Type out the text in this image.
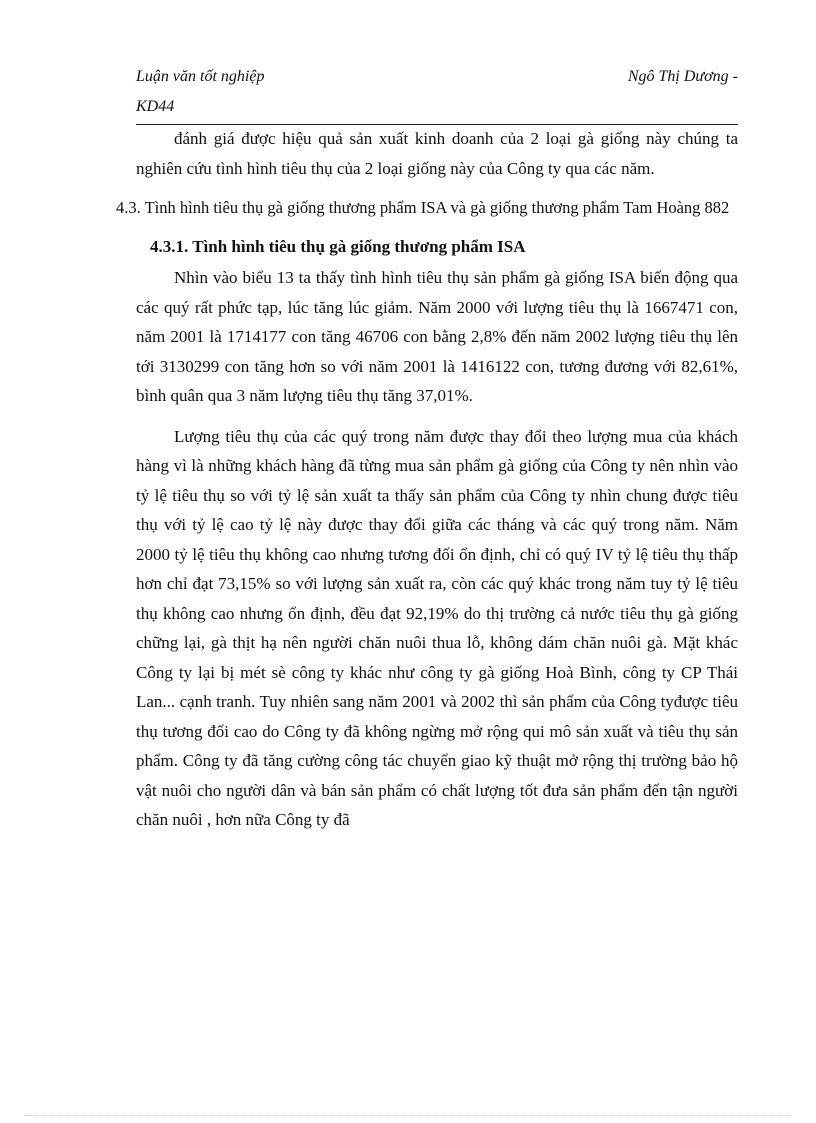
Luận văn tốt nghiệp	Ngô Thị Dương -
KD44

đánh giá được hiệu quả sản xuất kinh doanh của 2 loại gà giống này chúng ta nghiên cứu tình hình tiêu thụ của 2 loại giống này của Công ty qua các năm.

4.3. Tình hình tiêu thụ gà giống thương phẩm ISA và gà giống thương phẩm Tam Hoàng 882

4.3.1. Tình hình tiêu thụ gà giống thương phẩm ISA

Nhìn vào biểu 13 ta thấy tình hình tiêu thụ sản phẩm gà giống ISA biến động qua các quý rất phức tạp, lúc tăng lúc giảm. Năm 2000 với lượng tiêu thụ là 1667471 con, năm 2001 là 1714177 con tăng 46706 con bằng 2,8% đến năm 2002 lượng tiêu thụ lên tới 3130299 con tăng hơn so với năm 2001 là 1416122 con, tương đương với 82,61%, bình quân qua 3 năm lượng tiêu thụ tăng 37,01%.

Lượng tiêu thụ của các quý trong năm được thay đổi theo lượng mua của khách hàng vì là những khách hàng đã từng mua sản phẩm gà giống của Công ty nên nhìn vào tỷ lệ tiêu thụ so với tỷ lệ sản xuất ta thấy sản phẩm của Công ty nhìn chung được tiêu thụ với tỷ lệ cao tỷ lệ này được thay đổi giữa các tháng và các quý trong năm. Năm 2000 tỷ lệ tiêu thụ không cao nhưng tương đối ổn định, chỉ có quý IV tỷ lệ tiêu thụ thấp hơn chỉ đạt 73,15% so với lượng sản xuất ra, còn các quý khác trong năm tuy tỷ lệ tiêu thụ không cao nhưng ổn định, đều đạt 92,19% do thị trường cả nước tiêu thụ gà giống chững lại, gà thịt hạ nên người chăn nuôi thua lỗ, không dám chăn nuôi gà. Mặt khác Công ty lại bị mét sè công ty khác như công ty gà giống Hoà Bình, công ty CP Thái Lan... cạnh tranh. Tuy nhiên sang năm 2001 và 2002 thì sản phẩm của Công tyđược tiêu thụ tương đối cao do Công ty đã không ngừng mở rộng qui mô sản xuất và tiêu thụ sản phẩm. Công ty đã tăng cường công tác chuyển giao kỹ thuật mở rộng thị trường bảo hộ vật nuôi cho người dân và bán sản phẩm có chất lượng tốt đưa sản phẩm đến tận người chăn nuôi , hơn nữa Công ty đã
